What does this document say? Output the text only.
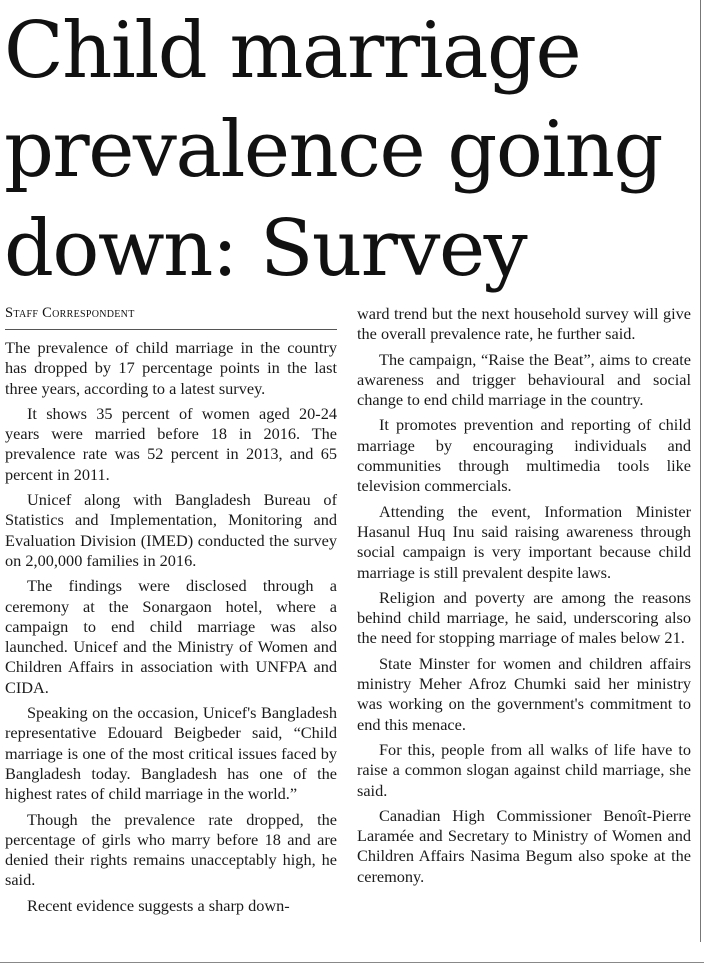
Child marriage
prevalence going
down: Survey
Staff Correspondent

The prevalence of child marriage in the country has dropped by 17 percentage points in the last three years, according to a latest survey.

It shows 35 percent of women aged 20-24 years were married before 18 in 2016. The prevalence rate was 52 percent in 2013, and 65 percent in 2011.

Unicef along with Bangladesh Bureau of Statistics and Implementation, Monitoring and Evaluation Division (IMED) conducted the survey on 2,00,000 families in 2016.

The findings were disclosed through a ceremony at the Sonargaon hotel, where a campaign to end child marriage was also launched. Unicef and the Ministry of Women and Children Affairs in association with UNFPA and CIDA.

Speaking on the occasion, Unicef's Bangladesh representative Edouard Beigbeder said, “Child marriage is one of the most critical issues faced by Bangladesh today. Bangladesh has one of the highest rates of child marriage in the world.”

Though the prevalence rate dropped, the percentage of girls who marry before 18 and are denied their rights remains unacceptably high, he said.

Recent evidence suggests a sharp down-

ward trend but the next household survey will give the overall prevalence rate, he further said.

The campaign, “Raise the Beat”, aims to create awareness and trigger behavioural and social change to end child marriage in the country.

It promotes prevention and reporting of child marriage by encouraging individuals and communities through multimedia tools like television commercials.

Attending the event, Information Minister Hasanul Huq Inu said raising awareness through social campaign is very important because child marriage is still prevalent despite laws.

Religion and poverty are among the reasons behind child marriage, he said, underscoring also the need for stopping marriage of males below 21.

State Minster for women and children affairs ministry Meher Afroz Chumki said her ministry was working on the government's commitment to end this menace.

For this, people from all walks of life have to raise a common slogan against child marriage, she said.

Canadian High Commissioner Benoît-Pierre Laramée and Secretary to Ministry of Women and Children Affairs Nasima Begum also spoke at the ceremony.
